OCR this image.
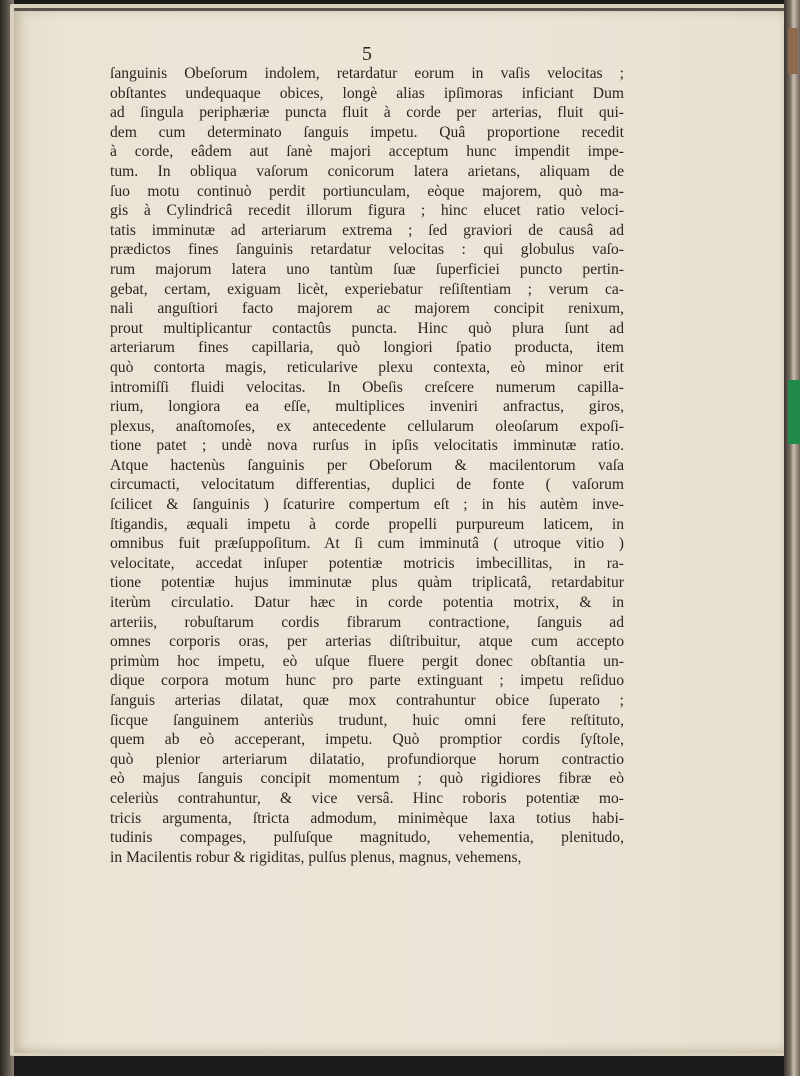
5
ſanguinis Obeſorum indolem, retardatur eorum in vaſis velocitas ;
obſtantes undequaque obices, longè alias ipſimoras inficiant Dum
ad ſingula periphæriæ puncta fluit à corde per arterias, fluit qui-
dem cum determinato ſanguis impetu. Quâ proportione recedit
à corde, eâdem aut ſanè majori acceptum hunc impendit impe-
tum. In obliqua vaſorum conicorum latera arietans, aliquam de
ſuo motu continuò perdit portiunculam, eòque majorem, quò ma-
gis à Cylindricâ recedit illorum figura ; hinc elucet ratio veloci-
tatis imminutæ ad arteriarum extrema ; ſed graviori de causâ ad
prædictos fines ſanguinis retardatur velocitas : qui globulus vaſo-
rum majorum latera uno tantùm ſuæ ſuperficiei puncto pertin-
gebat, certam, exiguam licèt, experiebatur reſiſtentiam ; verum ca-
nali anguſtiori facto majorem ac majorem concipit renixum,
prout multiplicantur contactûs puncta. Hinc quò plura ſunt ad
arteriarum fines capillaria, quò longiori ſpatio producta, item
quò contorta magis, reticularive plexu contexta, eò minor erit
intromiſſi fluidi velocitas. In Obeſis creſcere numerum capilla-
rium, longiora ea eſſe, multiplices inveniri anfractus, giros,
plexus, anaſtomoſes, ex antecedente cellularum oleoſarum expoſi-
tione patet ; undè nova rurſus in ipſis velocitatis imminutæ ratio.
Atque hactenùs ſanguinis per Obeſorum & macilentorum vaſa
circumacti, velocitatum differentias, duplici de fonte ( vaſorum
ſcilicet & ſanguinis ) ſcaturire compertum eſt ; in his autèm inve-
ſtigandis, æquali impetu à corde propelli purpureum laticem, in
omnibus fuit præſuppoſitum. At ſi cum imminutâ ( utroque vitio )
velocitate, accedat inſuper potentiæ motricis imbecillitas, in ra-
tione potentiæ hujus imminutæ plus quàm triplicatâ, retardabitur
iterùm circulatio. Datur hæc in corde potentia motrix, & in
arteriis, robuſtarum cordis fibrarum contractione, ſanguis ad
omnes corporis oras, per arterias diſtribuitur, atque cum accepto
primùm hoc impetu, eò uſque fluere pergit donec obſtantia un-
dique corpora motum hunc pro parte extinguant ; impetu reſiduo
ſanguis arterias dilatat, quæ mox contrahuntur obice ſuperato ;
ſicque ſanguinem anteriùs trudunt, huic omni fere reſtituto,
quem ab eò acceperant, impetu. Quò promptior cordis ſyſtole,
quò plenior arteriarum dilatatio, profundiorque horum contractio
eò majus ſanguis concipit momentum ; quò rigidiores fibræ eò
celeriùs contrahuntur, & vice versâ. Hinc roboris potentiæ mo-
tricis argumenta, ſtricta admodum, minimèque laxa totius habi-
tudinis compages, pulſuſque magnitudo, vehementia, plenitudo,
in Macilentis robur & rigiditas, pulſus plenus, magnus, vehemens,
